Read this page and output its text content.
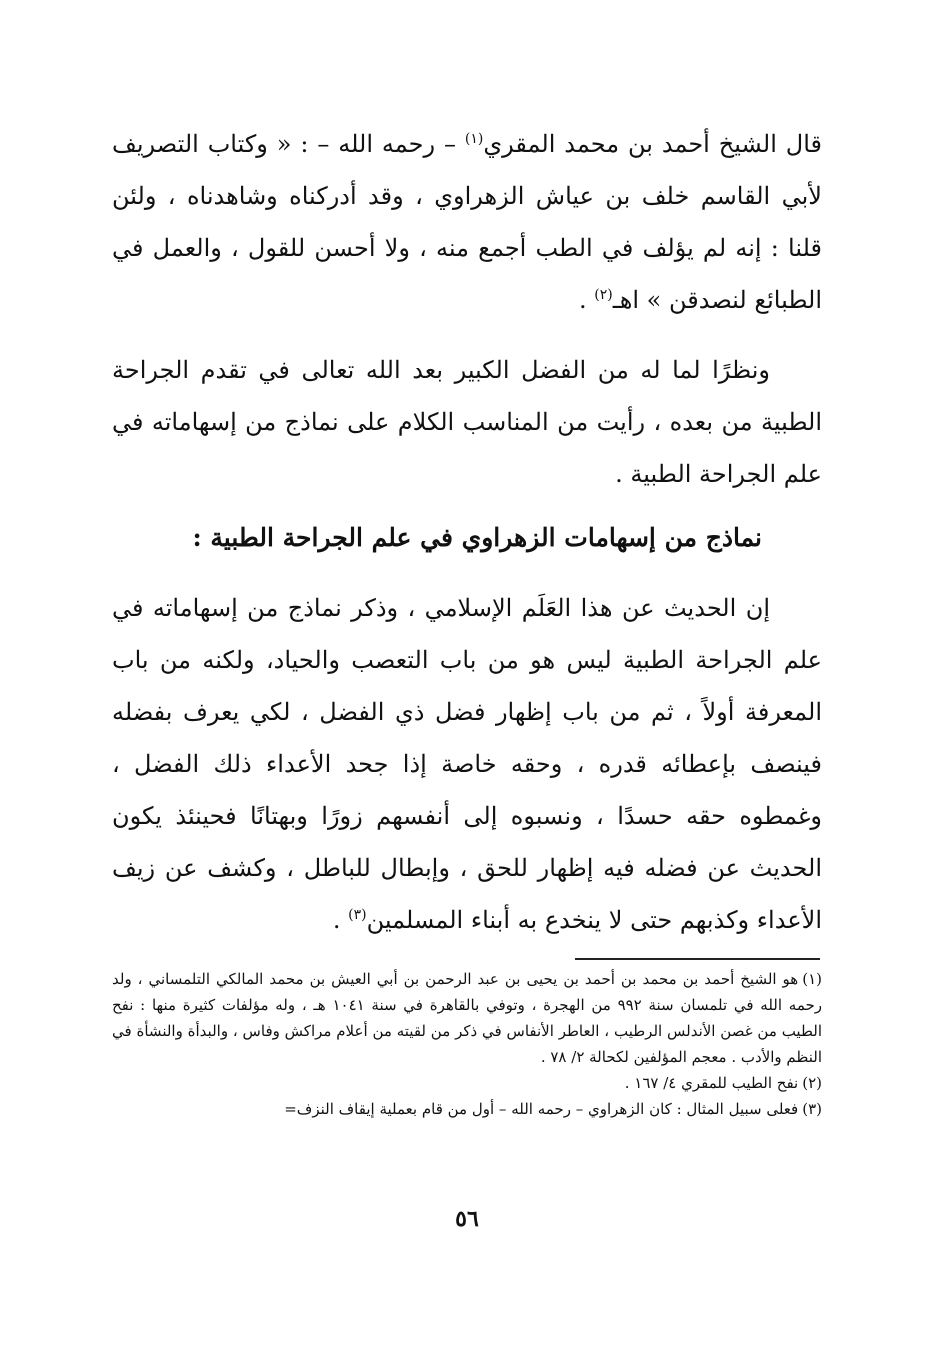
قال الشيخ أحمد بن محمد المقري$^{(١)}$ – رحمه الله – : « وكتاب التصريف لأبي القاسم خلف بن عياش الزهراوي ، وقد أدركناه وشاهدناه ، ولئن قلنا : إنه لم يؤلف في الطب أجمع منه ، ولا أحسن للقول ، والعمل في الطبائع لنصدقن » اهـ$^{(٢)}$ .

ونظرًا لما له من الفضل الكبير بعد الله تعالى في تقدم الجراحة الطبية من بعده ، رأيت من المناسب الكلام على نماذج من إسهاماته في علم الجراحة الطبية .

نماذج من إسهامات الزهراوي في علم الجراحة الطبية :

إن الحديث عن هذا العَلَم الإسلامي ، وذكر نماذج من إسهاماته في علم الجراحة الطبية ليس هو من باب التعصب والحياد، ولكنه من باب المعرفة أولاً ، ثم من باب إظهار فضل ذي الفضل ، لكي يعرف بفضله فينصف بإعطائه قدره ، وحقه خاصة إذا جحد الأعداء ذلك الفضل ، وغمطوه حقه حسدًا ، ونسبوه إلى أنفسهم زورًا وبهتانًا فحينئذ يكون الحديث عن فضله فيه إظهار للحق ، وإبطال للباطل ، وكشف عن زيف الأعداء وكذبهم حتى لا ينخدع به أبناء المسلمين$^{(٣)}$ .

(١)هو الشيخ أحمد بن محمد بن أحمد بن يحيى بن عبد الرحمن بن أبي العيش بن محمد المالكي التلمساني ، ولد رحمه الله في تلمسان سنة ٩٩٢ من الهجرة ، وتوفي بالقاهرة في سنة ١٠٤١ هـ ، وله مؤلفات كثيرة منها : نفح الطيب من غصن الأندلس الرطيب ، العاطر الأنفاس في ذكر من لقيته من أعلام مراكش وفاس ، والبدأة والنشأة في النظم والأدب . معجم المؤلفين لكحالة ٢/ ٧٨ .

(٢)نفح الطيب للمقري ٤/ ١٦٧ .

(٣)فعلى سبيل المثال : كان الزهراوي – رحمه الله – أول من قام بعملية إيقاف النزف=

٥٦
